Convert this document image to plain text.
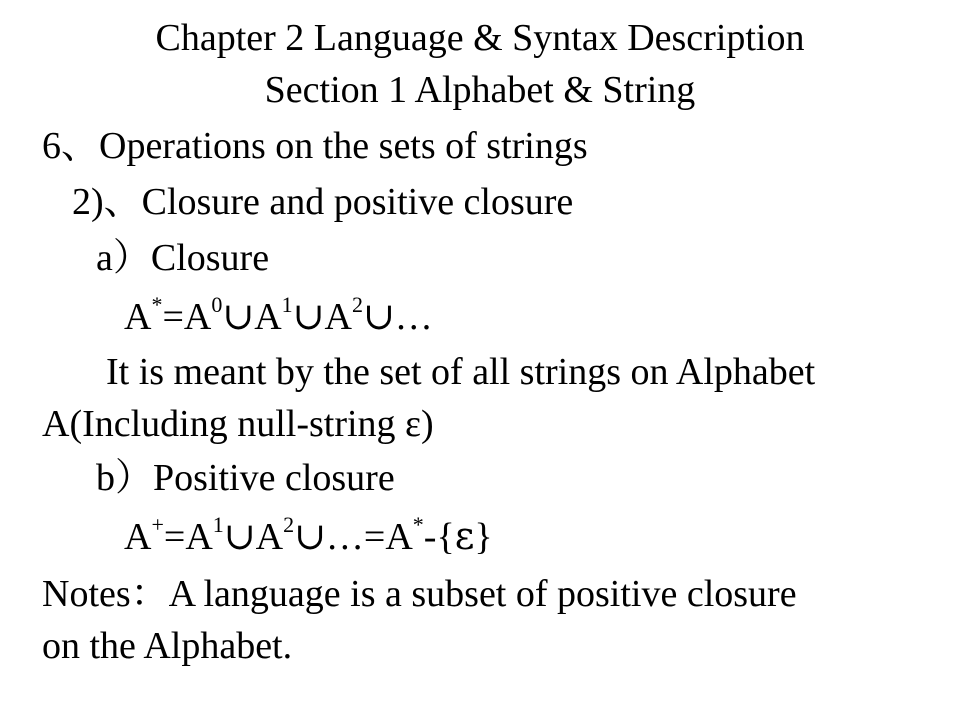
Chapter 2 Language & Syntax Description
Section 1 Alphabet & String
6、Operations on the sets of strings
2)、Closure and positive closure
a）Closure
$A^*=A^0\cup A^1\cup A^2\cup\dots$
It is meant by the set of all strings on Alphabet
A(Including null-string ε)
b）Positive closure
$A^+=A^1\cup A^2\cup\dots=A^*-\{\varepsilon\}$
Notes：A language is a subset of positive closure
on the Alphabet.
